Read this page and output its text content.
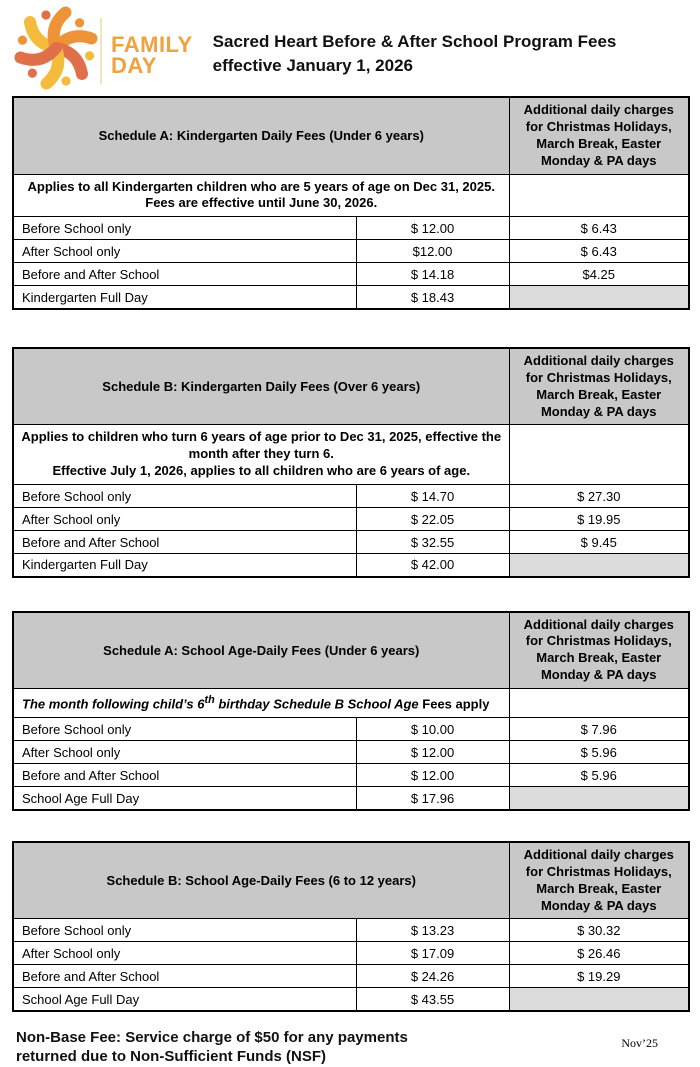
FAMILY
DAY
Sacred Heart Before & After School Program Fees
effective January 1, 2026
Schedule A: Kindergarten Daily Fees (Under 6 years)		Additional daily charges for Christmas Holidays, March Break, Easter Monday & PA days

Applies to all Kindergarten children who are 5 years of age on Dec 31, 2025.
Fees are effective until June 30, 2026.		

Before School only	$ 12.00	$ 6.43
After School only	$12.00	$ 6.43
Before and After School	$ 14.18	$4.25
Kindergarten Full Day	$ 18.43	
Schedule B: Kindergarten Daily Fees (Over 6 years)		Additional daily charges for Christmas Holidays, March Break, Easter Monday & PA days

Applies to children who turn 6 years of age prior to Dec 31, 2025, effective the month after they turn 6.
Effective July 1, 2026, applies to all children who are 6 years of age.		

Before School only	$ 14.70	$ 27.30
After School only	$ 22.05	$ 19.95
Before and After School	$ 32.55	$ 9.45
Kindergarten Full Day	$ 42.00	
Schedule A: School Age-Daily Fees (Under 6 years)		Additional daily charges for Christmas Holidays, March Break, Easter Monday & PA days
The month following child’s 6th birthday Schedule B School Age Fees apply		
Before School only	$ 10.00	$ 7.96
After School only	$ 12.00	$ 5.96
Before and After School	$ 12.00	$ 5.96
School Age Full Day	$ 17.96	
Schedule B: School Age-Daily Fees (6 to 12 years)		Additional daily charges for Christmas Holidays, March Break, Easter Monday & PA days
Before School only	$ 13.23	$ 30.32
After School only	$ 17.09	$ 26.46
Before and After School	$ 24.26	$ 19.29
School Age Full Day	$ 43.55	
Non-Base Fee: Service charge of $50 for any payments
returned due to Non-Sufficient Funds (NSF)
Nov’25
